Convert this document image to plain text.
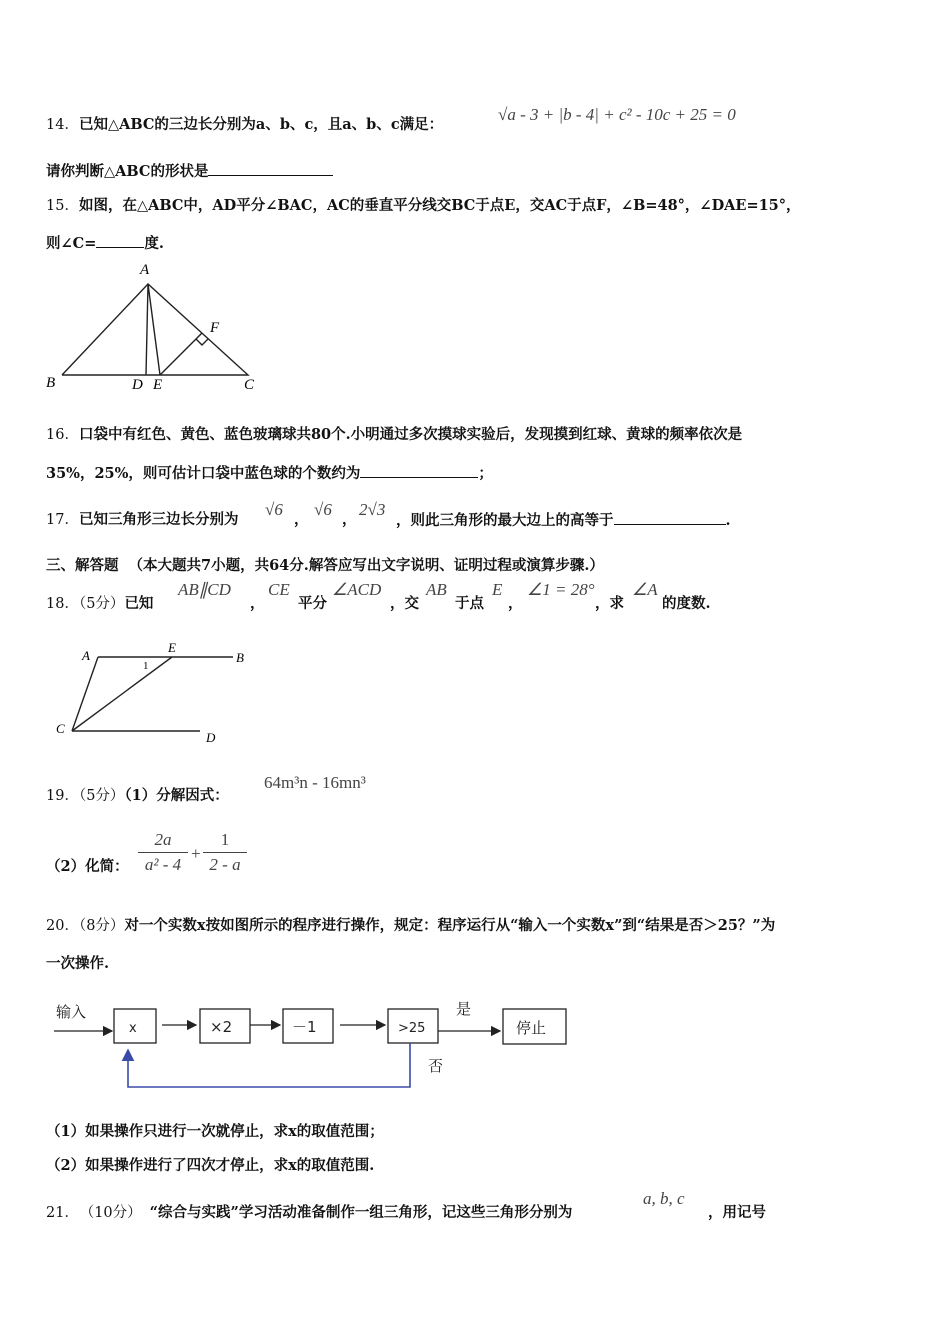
14．已知△ABC的三边长分别为a、b、c，且a、b、c满足：
√a - 3 + |b - 4| + c² - 10c + 25 = 0
请你判断△ABC的形状是
15．如图，在△ABC中，AD平分∠BAC，AC的垂直平分线交BC于点E，交AC于点F，∠B=48°，∠DAE=15°，
则∠C=	度.
A
F
B	D E	C
16．口袋中有红色、黄色、蓝色玻璃球共80个.小明通过多次摸球实验后，发现摸到红球、黄球的频率依次是
35%，25%，则可估计口袋中蓝色球的个数约为	；
17．已知三角形三边长分别为
√6
，
√6
，
2√3
，则此三角形的最大边上的高等于	.
三、解答题 （本大题共7小题，共64分.解答应写出文字说明、证明过程或演算步骤.）
18．（5分）已知
AB∥CD
，
CE
平分
∠ACD
，交
AB
于点
E
，
∠1 = 28°
，求
∠A
的度数.
A
E
B
1
C
D
19．（5分）（1）分解因式：
64m³n - 16mn³
（2）化简：
2a
a² - 4
+
1
2 - a
20．（8分）对一个实数x按如图所示的程序进行操作，规定：程序运行从“输入一个实数x”到“结果是否＞25？”为
一次操作.
输入
x	×2	－1	>25
是
停止
否
（1）如果操作只进行一次就停止，求x的取值范围；
（2）如果操作进行了四次才停止，求x的取值范围.
21． （10分） “综合与实践”学习活动准备制作一组三角形，记这些三角形分别为
a, b, c
，用记号
